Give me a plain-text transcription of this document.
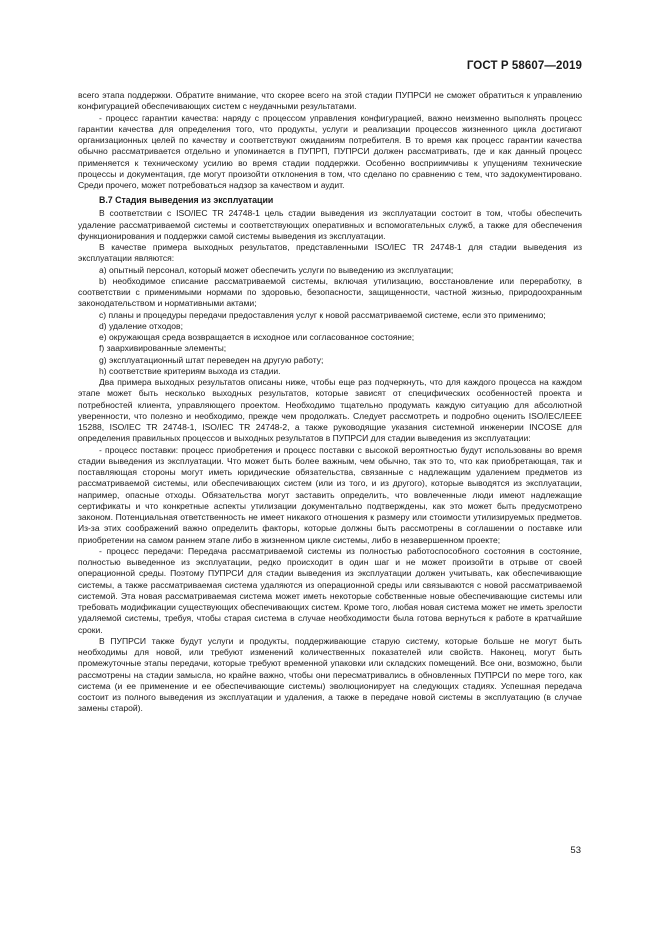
ГОСТ Р 58607—2019

всего этапа поддержки. Обратите внимание, что скорее всего на этой стадии ПУПРСИ не сможет обратиться к управлению конфигурацией обеспечивающих систем с неудачными результатами.

- процесс гарантии качества: наряду с процессом управления конфигурацией, важно неизменно выполнять процесс гарантии качества для определения того, что продукты, услуги и реализации процессов жизненного цикла достигают организационных целей по качеству и соответствуют ожиданиям потребителя. В то время как процесс гарантии качества обычно рассматривается отдельно и упоминается в ПУПРП, ПУПРСИ должен рассматривать, где и как данный процесс применяется к техническому усилию во время стадии поддержки. Особенно восприимчивы к упущениям технические процессы и документация, где могут произойти отклонения в том, что сделано по сравнению с тем, что задокументировано. Среди прочего, может потребоваться надзор за качеством и аудит.

В.7 Стадия выведения из эксплуатации

В соответствии с ISO/IEC TR 24748-1 цель стадии выведения из эксплуатации состоит в том, чтобы обеспечить удаление рассматриваемой системы и соответствующих оперативных и вспомогательных служб, а также для обеспечения функционирования и поддержки самой системы выведения из эксплуатации.

В качестве примера выходных результатов, представленными ISO/IEC TR 24748-1 для стадии выведения из эксплуатации являются:

a) опытный персонал, который может обеспечить услуги по выведению из эксплуатации;

b) необходимое списание рассматриваемой системы, включая утилизацию, восстановление или переработку, в соответствии с применимыми нормами по здоровью, безопасности, защищенности, частной жизнью, природоохранным законодательством и нормативными актами;

c) планы и процедуры передачи предоставления услуг к новой рассматриваемой системе, если это применимо;

d) удаление отходов;

e) окружающая среда возвращается в исходное или согласованное состояние;

f) заархивированные элементы;

g) эксплуатационный штат переведен на другую работу;

h) соответствие критериям выхода из стадии.

Два примера выходных результатов описаны ниже, чтобы еще раз подчеркнуть, что для каждого процесса на каждом этапе может быть несколько выходных результатов, которые зависят от специфических особенностей проекта и потребностей клиента, управляющего проектом. Необходимо тщательно продумать каждую ситуацию для абсолютной уверенности, что полезно и необходимо, прежде чем продолжать. Следует рассмотреть и подробно оценить ISO/IEC/IEEE 15288, ISO/IEC TR 24748-1, ISO/IEC TR 24748-2, а также руководящие указания системной инженерии INCOSE для определения правильных процессов и выходных результатов в ПУПРСИ для стадии выведения из эксплуатации:

- процесс поставки: процесс приобретения и процесс поставки с высокой вероятностью будут использованы во время стадии выведения из эксплуатации. Что может быть более важным, чем обычно, так это то, что как приобретающая, так и поставляющая стороны могут иметь юридические обязательства, связанные с надлежащим удалением предметов из рассматриваемой системы, или обеспечивающих систем (или из того, и из другого), которые выводятся из эксплуатации, например, опасные отходы. Обязательства могут заставить определить, что вовлеченные люди имеют надлежащие сертификаты и что конкретные аспекты утилизации документально подтверждены, как это может быть предусмотрено законом. Потенциальная ответственность не имеет никакого отношения к размеру или стоимости утилизируемых предметов. Из-за этих соображений важно определить факторы, которые должны быть рассмотрены в соглашении о поставке или приобретении на самом раннем этапе либо в жизненном цикле системы, либо в незавершенном проекте;

- процесс передачи: Передача рассматриваемой системы из полностью работоспособного состояния в состояние, полностью выведенное из эксплуатации, редко происходит в один шаг и не может произойти в отрыве от своей операционной среды. Поэтому ПУПРСИ для стадии выведения из эксплуатации должен учитывать, как обеспечивающие системы, а также рассматриваемая система удаляются из операционной среды или связываются с новой рассматриваемой системой. Эта новая рассматриваемая система может иметь некоторые собственные новые обеспечивающие системы или требовать модификации существующих обеспечивающих систем. Кроме того, любая новая система может не иметь зрелости удаляемой системы, требуя, чтобы старая система в случае необходимости была готова вернуться к работе в кратчайшие сроки.

В ПУПРСИ также будут услуги и продукты, поддерживающие старую систему, которые больше не могут быть необходимы для новой, или требуют изменений количественных показателей или свойств. Наконец, могут быть промежуточные этапы передачи, которые требуют временной упаковки или складских помещений. Все они, возможно, были рассмотрены на стадии замысла, но крайне важно, чтобы они пересматривались в обновленных ПУПРСИ по мере того, как система (и ее применение и ее обеспечивающие системы) эволюционирует на следующих стадиях. Успешная передача состоит из полного выведения из эксплуатации и удаления, а также в передаче новой системы в эксплуатацию (в случае замены старой).

53
